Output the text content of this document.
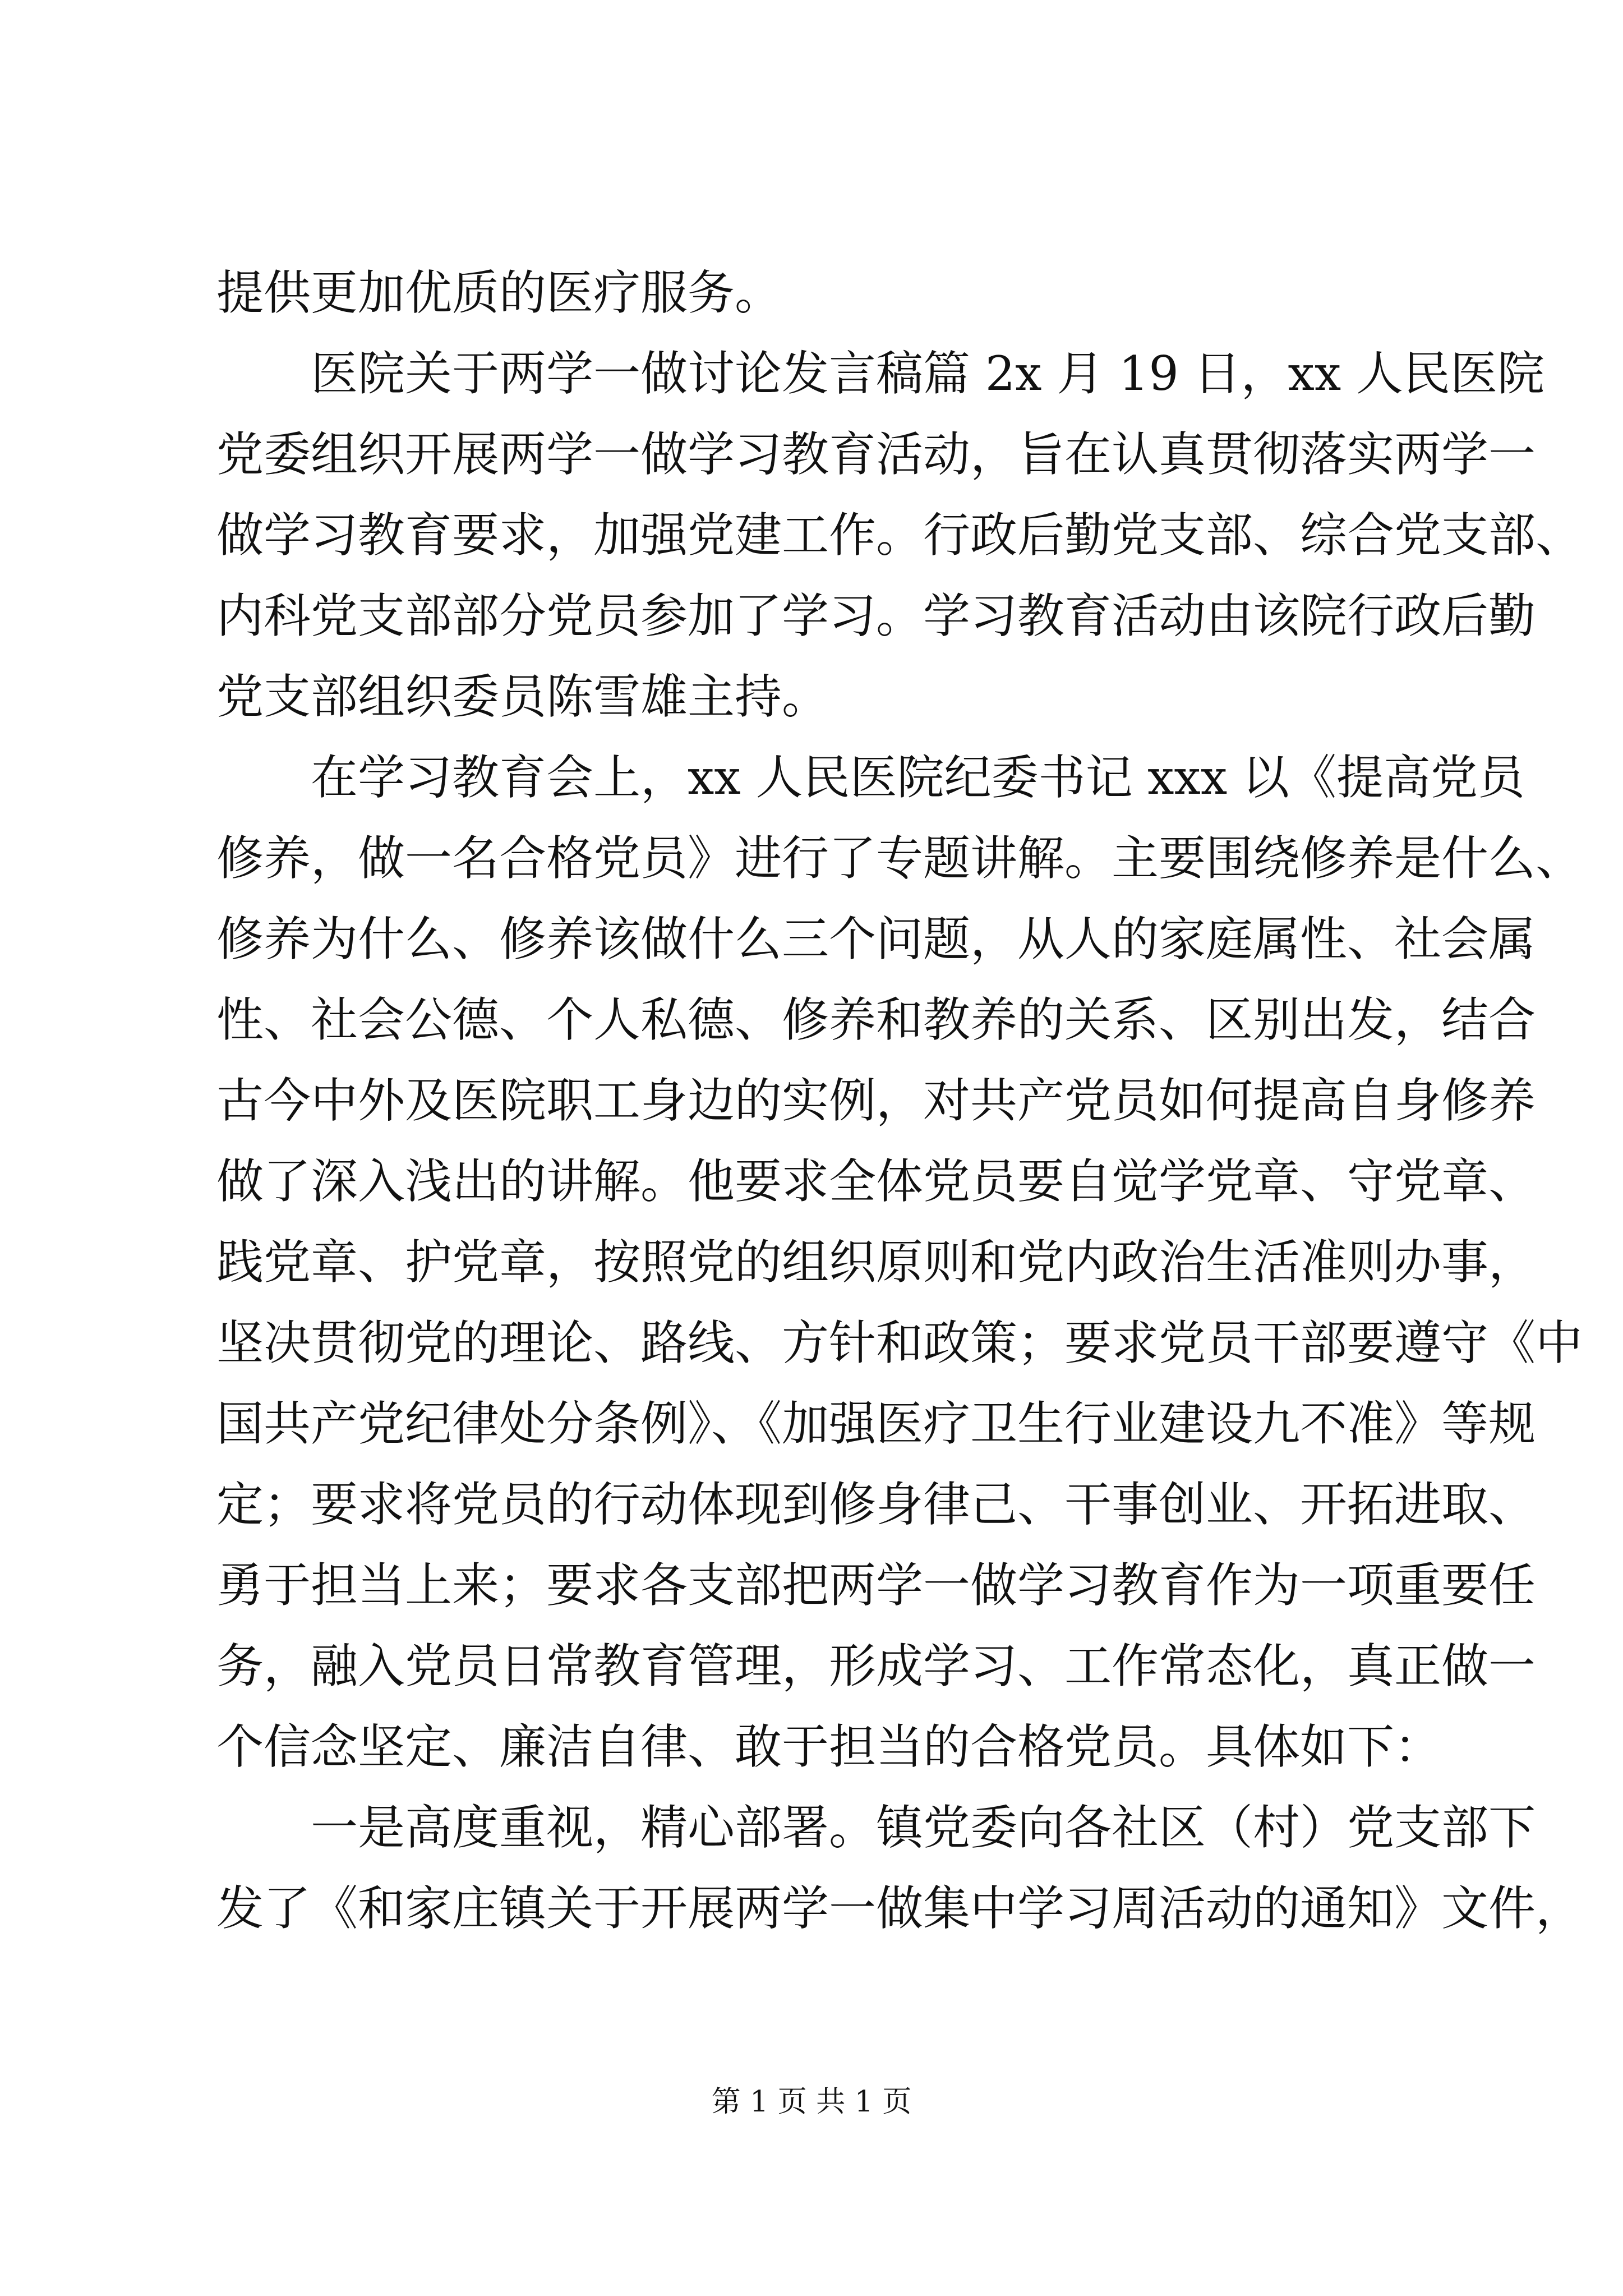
提供更加优质的医疗服务。
医院关于两学一做讨论发言稿篇 2x 月 19 日，xx 人民医院
党委组织开展两学一做学习教育活动，旨在认真贯彻落实两学一
做学习教育要求，加强党建工作。行政后勤党支部、综合党支部、
内科党支部部分党员参加了学习。学习教育活动由该院行政后勤
党支部组织委员陈雪雄主持。
在学习教育会上，xx 人民医院纪委书记 xxx 以《提高党员
修养，做一名合格党员》进行了专题讲解。主要围绕修养是什么、
修养为什么、修养该做什么三个问题，从人的家庭属性、社会属
性、社会公德、个人私德、修养和教养的关系、区别出发，结合
古今中外及医院职工身边的实例，对共产党员如何提高自身修养
做了深入浅出的讲解。他要求全体党员要自觉学党章、守党章、
践党章、护党章，按照党的组织原则和党内政治生活准则办事，
坚决贯彻党的理论、路线、方针和政策；要求党员干部要遵守《中
国共产党纪律处分条例》、《加强医疗卫生行业建设九不准》等规
定；要求将党员的行动体现到修身律己、干事创业、开拓进取、
勇于担当上来；要求各支部把两学一做学习教育作为一项重要任
务，融入党员日常教育管理，形成学习、工作常态化，真正做一
个信念坚定、廉洁自律、敢于担当的合格党员。具体如下：
一是高度重视，精心部署。镇党委向各社区（村）党支部下
发了《和家庄镇关于开展两学一做集中学习周活动的通知》文件，
第 1 页 共 1 页
